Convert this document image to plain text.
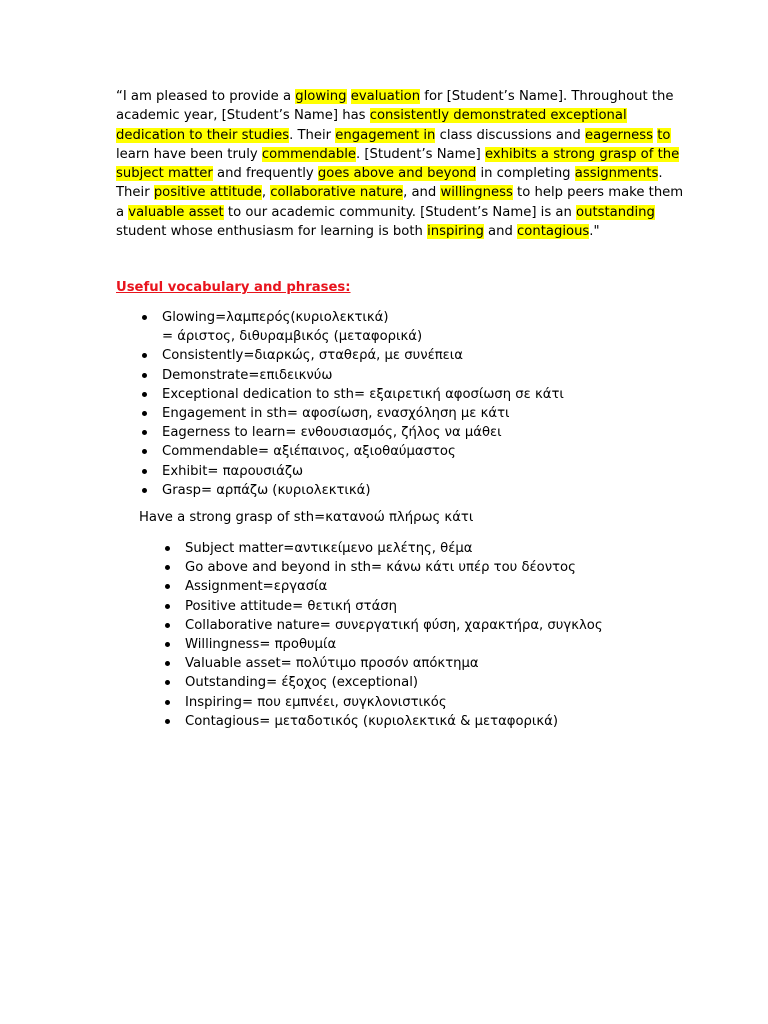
“I am pleased to provide a glowing evaluation for [Student’s Name]. Throughout the
academic year, [Student’s Name] has consistently demonstrated exceptional
dedication to their studies. Their engagement in class discussions and eagerness to
learn have been truly commendable. [Student’s Name] exhibits a strong grasp of the
subject matter and frequently goes above and beyond in completing assignments.
Their positive attitude, collaborative nature, and willingness to help peers make them
a valuable asset to our academic community. [Student’s Name] is an outstanding
student whose enthusiasm for learning is both inspiring and contagious."
Useful vocabulary and phrases:
Glowing=λαμπερός(κυριολεκτικά)
= άριστος, διθυραμβικός (μεταφορικά)
Consistently=διαρκώς, σταθερά, με συνέπεια
Demonstrate=επιδεικνύω
Exceptional dedication to sth= εξαιρετική αφοσίωση σε κάτι
Engagement in sth= αφοσίωση, ενασχόληση με κάτι
Eagerness to learn= ενθουσιασμός, ζήλος να μάθει
Commendable= αξιέπαινος, αξιοθαύμαστος
Exhibit= παρουσιάζω
Grasp= αρπάζω (κυριολεκτικά)
Have a strong grasp of sth=κατανοώ πλήρως κάτι
Subject matter=αντικείμενο μελέτης, θέμα
Go above and beyond in sth= κάνω κάτι υπέρ του δέοντος
Assignment=εργασία
Positive attitude= θετική στάση
Collaborative nature= συνεργατική φύση, χαρακτήρα, συγκλος
Willingness= προθυμία
Valuable asset= πολύτιμο προσόν απόκτημα
Outstanding= έξοχος (exceptional)
Inspiring= που εμπνέει, συγκλονιστικός
Contagious= μεταδοτικός (κυριολεκτικά & μεταφορικά)
